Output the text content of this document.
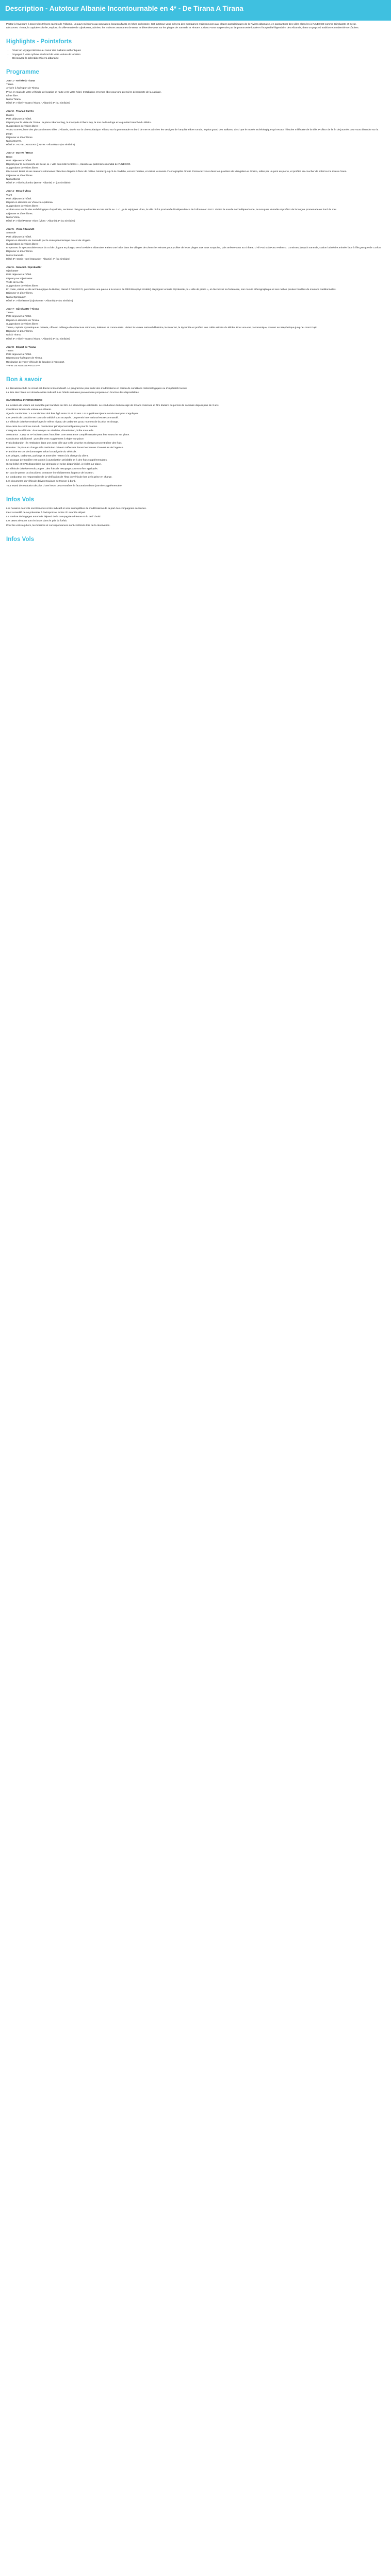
Description - Autotour Albanie Incontournable en 4* - De Tirana A Tirana

Partez à l'aventure à travers les trésors cachés de l'Albanie, un pays méconnu aux paysages époustouflants et riches en histoire. Cet autotour vous mènera des montagnes majestueuses aux plages paradisiaques de la Riviera albanaise, en passant par des villes classées à l'UNESCO comme Gjirokastër et Berat.

Découvrez Tirana, la capitale colorée, explorez la ville-musée de Gjirokastër, admirez les maisons ottomanes de Berat et détendez-vous sur les plages de Sarandë et Himarë. Laissez-vous surprendre par la gastronomie locale et l'hospitalité légendaire des Albanais, dans un pays où tradition et modernité se côtoient.

Highlights - Pointsforts
• Vivez un voyage intimiste au coeur des Balkans authentiques
• Voyagez à votre rythme et à bord de votre voiture de location
• Découvrez la splendide Riviera albanaise
Programme

Jour 1 - Arrivée à Tirana

Tirana

Arrivée à l'aéroport de Tirana.

Prise en main de votre véhicule de location et route vers votre hôtel. Installation et temps libre pour une première découverte de la capitale.

Dîner libre.

Nuit à Tirana.

Hôtel 4*: Hôtel Theatro (Tirana - Albanie) 4* (ou similaire)

Jour 2 - Tirana / Durrës

Durrës

Petit déjeuner à l'hôtel.

Départ pour la visite de Tirana : la place Skanderbeg, la mosquée Et'hem Bey, la tour de l'Horloge et le quartier branché du Blloku.

Suggestions de visites libres :

Visitez Durrës, l'une des plus anciennes villes d'Albanie, située sur la côte Adriatique. Flânez sur la promenade en bord de mer et admirez les vestiges de l'amphithéâtre romain, le plus grand des Balkans, ainsi que le musée archéologique qui retrace l'histoire millénaire de la ville. Profitez de la fin de journée pour vous détendre sur la plage.

Déjeuner et dîner libres.

Nuit à Durrës.

Hôtel 4*: HOTEL ALIGERT (Durrës - Albanie) 4* (ou similaire)

Jour 3 - Durrës / Berat

Berat

Petit déjeuner à l'hôtel.

Départ pour la découverte de Berat, la « ville aux mille fenêtres », classée au patrimoine mondial de l'UNESCO.

Suggestions de visites libres :

Découvrez Berat et ses maisons ottomanes blanches étagées à flanc de colline. Montez jusqu'à la citadelle, encore habitée, et visitez le musée d'iconographie Onufri. Promenez-vous dans les quartiers de Mangalem et Gorica, reliés par un pont en pierre, et profitez du coucher de soleil sur la rivière Osum.

Déjeuner et dîner libres.

Nuit à Berat.

Hôtel 4*: Hôtel Colombo (Berat - Albanie) 4* (ou similaire)

Jour 4 - Berat / Vlora

Vlorë

Petit déjeuner à l'hôtel.

Départ en direction de Vlora via Apollonia.

Suggestions de visites libres :

Arrêtez-vous sur le site archéologique d'Apollonia, ancienne cité grecque fondée au VIe siècle av. J.-C., puis rejoignez Vlora, la ville où fut proclamée l'indépendance de l'Albanie en 1912. Visitez le musée de l'Indépendance, la mosquée Muradie et profitez de la longue promenade en bord de mer.

Déjeuner et dîner libres.

Nuit à Vlora.

Hôtel 4*: Hôtel Partner Vlora (Vlora - Albanie) 4* (ou similaire)

Jour 5 - Vlora / Sarandë

Sarandë

Petit déjeuner à l'hôtel.

Départ en direction de Sarandë par la route panoramique du col de Llogara.

Suggestions de visites libres :

Empruntez la spectaculaire route du col de Llogara et plongez vers la Riviera albanaise. Faites une halte dans les villages de Dhërmi et Himarë pour profiter de leurs plages aux eaux turquoise, puis arrêtez-vous au château d'Ali Pacha à Porto Palermo. Continuez jusqu'à Sarandë, station balnéaire animée face à l'île grecque de Corfou.

Déjeuner et dîner libres.

Nuit à Sarandë.

Hôtel 4*: Oasis Hotel (Sarandë - Albanie) 4* (ou similaire)

Jour 6 - Sarandë / Gjirokastër

Gjirokastër

Petit déjeuner à l'hôtel.

Départ pour Gjirokastër.

Visite de la ville.

Suggestions de visites libres :

En route, visitez le site archéologique de Butrint, classé à l'UNESCO, puis faites une pause à la source de l'Œil Bleu (Syri i Kaltër). Rejoignez ensuite Gjirokastër, la « ville de pierre », et découvrez sa forteresse, son musée ethnographique et ses ruelles pavées bordées de maisons traditionnelles.

Déjeuner et dîner libres.

Nuit à Gjirokastër.

Hôtel 4*: Hôtel Bineri (Gjirokastër - Albanie) 4* (ou similaire)

Jour 7 - Gjirokastër / Tirana

Tirana

Petit déjeuner à l'hôtel.

Départ en direction de Tirana.

Suggestions de visites libres :

Tirana, capitale dynamique et colorée, offre un mélange d'architecture ottomane, italienne et communiste. Visitez le Musée national d'histoire, le Bunk'Art, la Pyramide et profitez des cafés animés du Blloku. Pour une vue panoramique, montez en téléphérique jusqu'au mont Dajti.

Déjeuner et dîner libres.

Nuit à Tirana.

Hôtel 4*: Hôtel Theatro (Tirana - Albanie) 4* (ou similaire)

Jour 8 - Départ de Tirana

Tirana

Petit déjeuner à l'hôtel.

Départ pour l'aéroport de Tirana.

Restitution de votre véhicule de location à l'aéroport.

***FIN DE NOS SERVICES***

Bon à savoir

Le déroulement de ce circuit est donné à titre indicatif. Le programme peut subir des modifications en raison de conditions météorologiques ou d'impératifs locaux.

La liste des hôtels est donnée à titre indicatif. Les hôtels similaires peuvent être proposés en fonction des disponibilités.

CAR RENTAL INFORMATIONS

La location de voiture est comptée par tranches de 24h. Le kilométrage est illimité. Le conducteur doit être âgé de 23 ans minimum et être titulaire du permis de conduire depuis plus de 3 ans.

Conditions locales de voiture en Albanie.

Âge du conducteur : Le conducteur doit être âgé entre 23 et 70 ans. Un supplément jeune conducteur peut s'appliquer.

Les permis de conduire en cours de validité sont acceptés. Un permis international est recommandé.

Le véhicule doit être restitué avec le même niveau de carburant qu'au moment de la prise en charge.

Une carte de crédit au nom du conducteur principal est obligatoire pour la caution.

Catégorie de véhicule : économique ou similaire, climatisation, boîte manuelle.

Assurance : CDW et TP incluses avec franchise. Une assurance complémentaire peut être souscrite sur place.

Conducteur additionnel : possible avec supplément à régler sur place.

Frais d'abandon : la restitution dans une autre ville que celle de prise en charge peut entraîner des frais.

Horaires : la prise en charge et la restitution doivent s'effectuer durant les heures d'ouverture de l'agence.

Franchise en cas de dommages selon la catégorie du véhicule.

Les péages, carburant, parkings et amendes restent à la charge du client.

Le passage de frontière est soumis à autorisation préalable et à des frais supplémentaires.

Siège bébé et GPS disponibles sur demande et selon disponibilité, à régler sur place.

Le véhicule doit être rendu propre ; des frais de nettoyage pourront être appliqués.

En cas de panne ou d'accident, contacter immédiatement l'agence de location.

Le conducteur est responsable de la vérification de l'état du véhicule lors de la prise en charge.

Les documents du véhicule doivent toujours se trouver à bord.

Tout retard de restitution de plus d'une heure peut entraîner la facturation d'une journée supplémentaire.

Infos Vols

Les horaires des vols sont transmis à titre indicatif et sont susceptibles de modifications de la part des compagnies aériennes.

Il est conseillé de se présenter à l'aéroport au moins 2h avant le départ.

Le nombre de bagages autorisés dépend de la compagnie aérienne et du tarif choisi.

Les taxes aéroport sont incluses dans le prix du forfait.

Pour les vols réguliers, les horaires et correspondances sont confirmés lors de la réservation.

Infos Vols
